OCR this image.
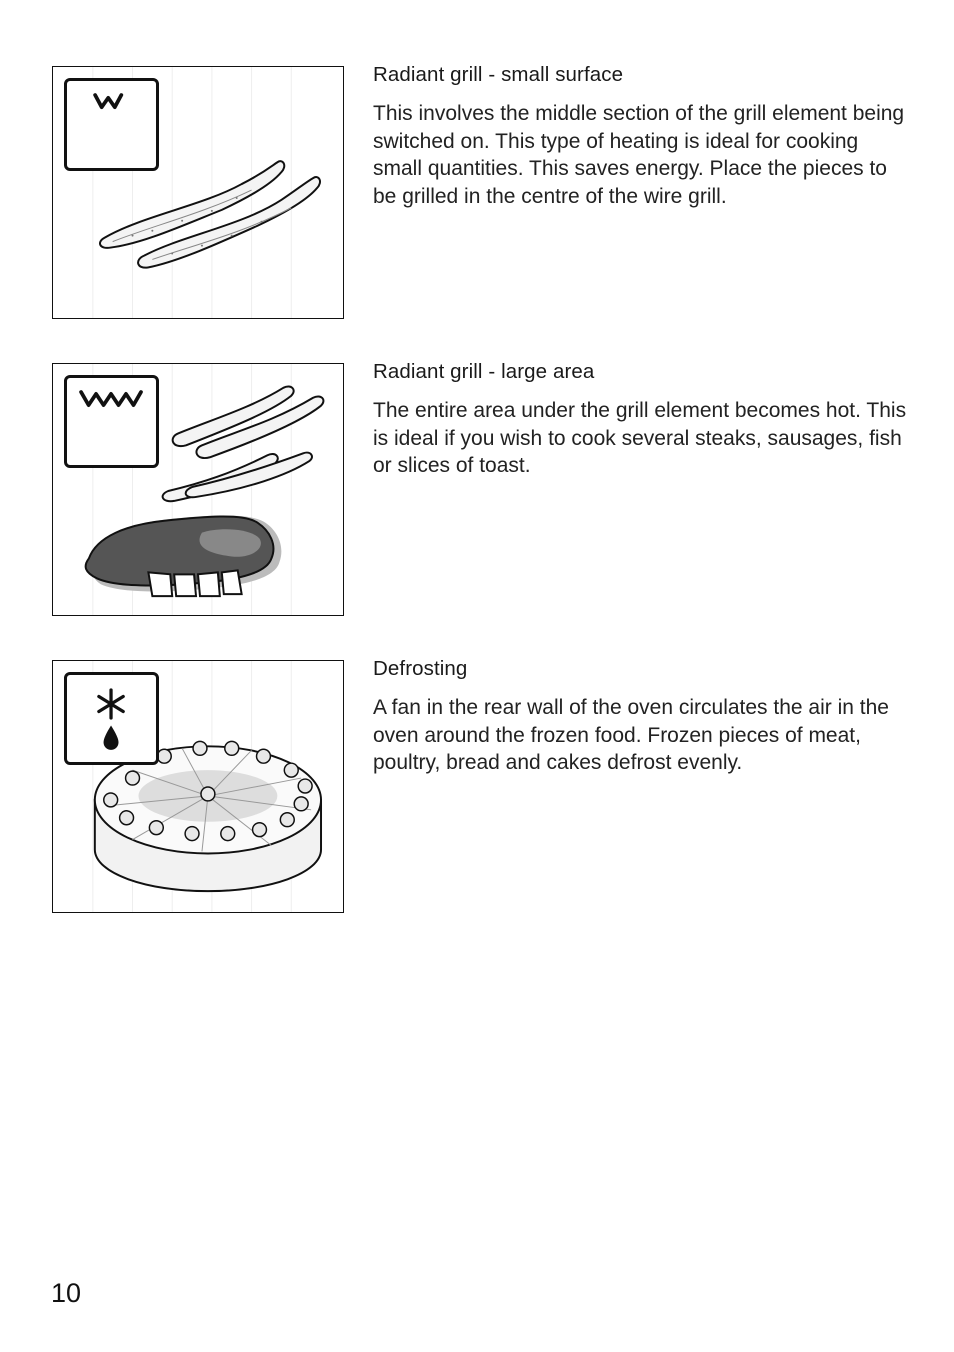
Radiant grill - small surface

This involves the middle section of the grill element being switched on. This type of heating is ideal for cooking small quantities. This saves energy. Place the pieces to be grilled in the centre of the wire grill.

Radiant grill - large area

The entire area under the grill element becomes hot. This is ideal if you wish to cook several steaks, sausages, fish or slices of toast.

Defrosting

A fan in the rear wall of the oven circulates the air in the oven around the frozen food. Frozen pieces of meat, poultry, bread and cakes defrost evenly.

10
